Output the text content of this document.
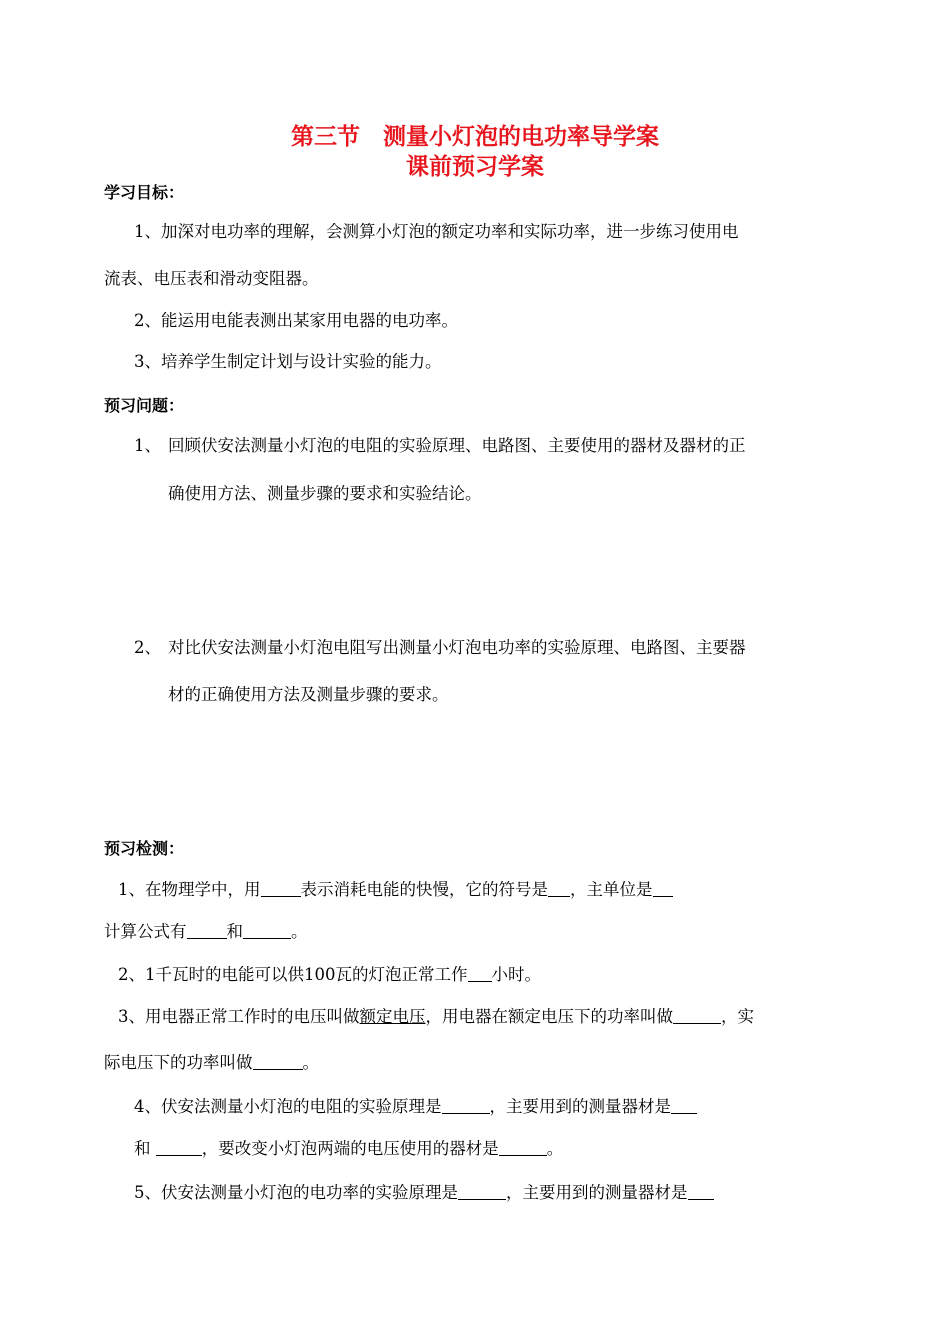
第三节　测量小灯泡的电功率导学案
课前预习学案
学习目标：
1、加深对电功率的理解，会测算小灯泡的额定功率和实际功率，进一步练习使用电
流表、电压表和滑动变阻器。
2、能运用电能表测出某家用电器的电功率。
3、培养学生制定计划与设计实验的能力。
预习问题：
1、 回顾伏安法测量小灯泡的电阻的实验原理、电路图、主要使用的器材及器材的正
确使用方法、测量步骤的要求和实验结论。
2、 对比伏安法测量小灯泡电阻写出测量小灯泡电功率的实验原理、电路图、主要器
材的正确使用方法及测量步骤的要求。
预习检测：
1、在物理学中，用 表示消耗电能的快慢，它的符号是 ，主单位是
计算公式有 和	。
2、1千瓦时的电能可以供100瓦的灯泡正常工作 小时。
3、用电器正常工作时的电压叫做额定电压，用电器在额定电压下的功率叫做	，实
际电压下的功率叫做	。
4、伏安法测量小灯泡的电阻的实验原理是	，主要用到的测量器材是
和	，要改变小灯泡两端的电压使用的器材是	。
5、伏安法测量小灯泡的电功率的实验原理是	，主要用到的测量器材是
